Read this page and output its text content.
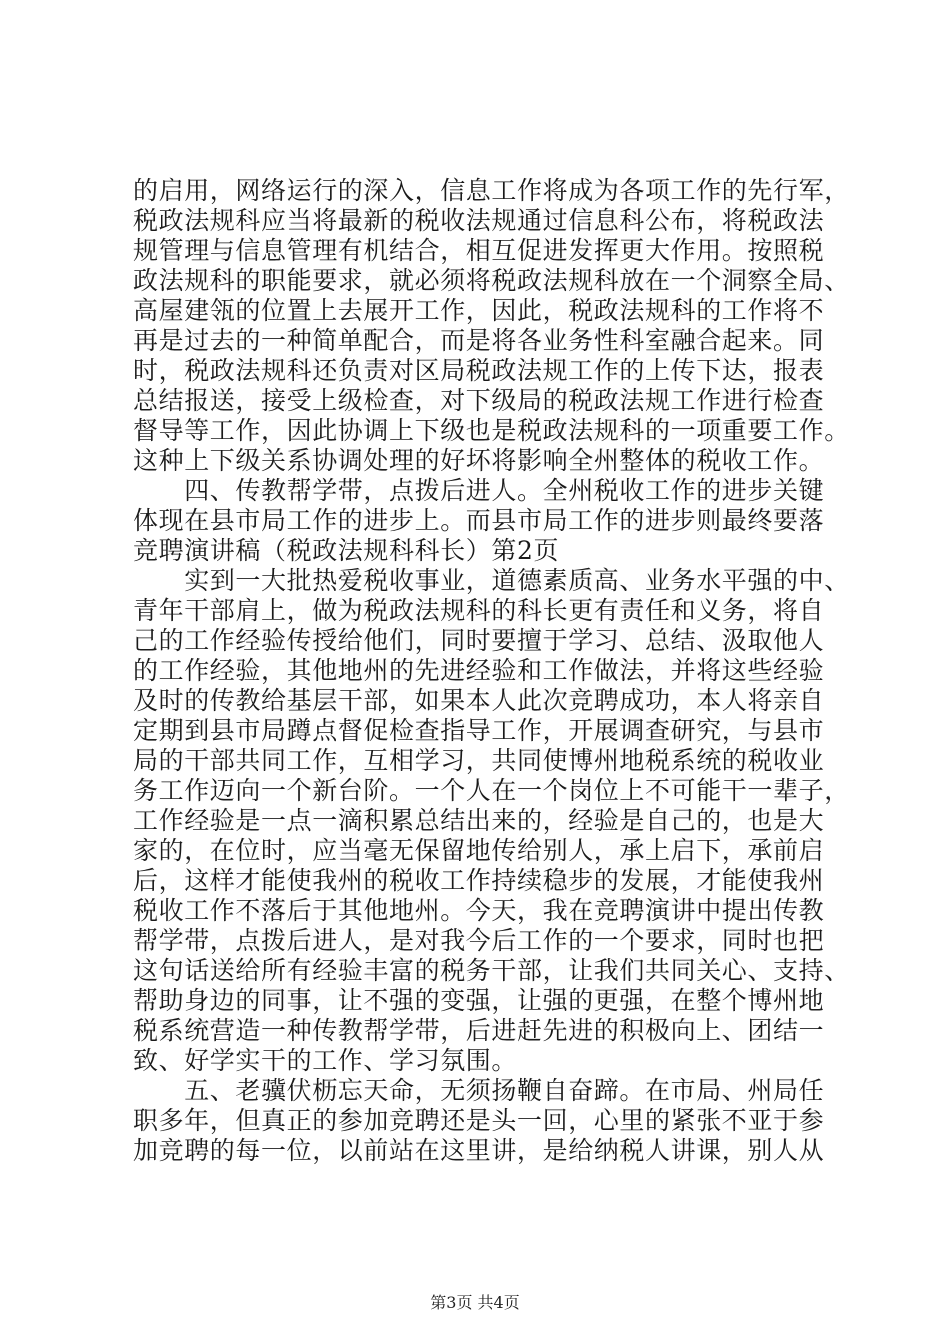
的启用，网络运行的深入，信息工作将成为各项工作的先行军，
税政法规科应当将最新的税收法规通过信息科公布，将税政法
规管理与信息管理有机结合，相互促进发挥更大作用。按照税
政法规科的职能要求，就必须将税政法规科放在一个洞察全局、
高屋建瓴的位置上去展开工作，因此，税政法规科的工作将不
再是过去的一种简单配合，而是将各业务性科室融合起来。同
时，税政法规科还负责对区局税政法规工作的上传下达，报表
总结报送，接受上级检查，对下级局的税政法规工作进行检查
督导等工作，因此协调上下级也是税政法规科的一项重要工作。
这种上下级关系协调处理的好坏将影响全州整体的税收工作。
　　四、传教帮学带，点拨后进人。全州税收工作的进步关键
体现在县市局工作的进步上。而县市局工作的进步则最终要落
竞聘演讲稿（税政法规科科长）第2页
　　实到一大批热爱税收事业，道德素质高、业务水平强的中、
青年干部肩上，做为税政法规科的科长更有责任和义务，将自
己的工作经验传授给他们，同时要擅于学习、总结、汲取他人
的工作经验，其他地州的先进经验和工作做法，并将这些经验
及时的传教给基层干部，如果本人此次竞聘成功，本人将亲自
定期到县市局蹲点督促检查指导工作，开展调查研究，与县市
局的干部共同工作，互相学习，共同使博州地税系统的税收业
务工作迈向一个新台阶。一个人在一个岗位上不可能干一辈子，
工作经验是一点一滴积累总结出来的，经验是自己的，也是大
家的，在位时，应当毫无保留地传给别人，承上启下，承前启
后，这样才能使我州的税收工作持续稳步的发展，才能使我州
税收工作不落后于其他地州。今天，我在竞聘演讲中提出传教
帮学带，点拨后进人，是对我今后工作的一个要求，同时也把
这句话送给所有经验丰富的税务干部，让我们共同关心、支持、
帮助身边的同事，让不强的变强，让强的更强，在整个博州地
税系统营造一种传教帮学带，后进赶先进的积极向上、团结一
致、好学实干的工作、学习氛围。
　　五、老骥伏枥忘天命，无须扬鞭自奋蹄。在市局、州局任
职多年，但真正的参加竞聘还是头一回，心里的紧张不亚于参
加竞聘的每一位，以前站在这里讲，是给纳税人讲课，别人从
第3页 共4页
